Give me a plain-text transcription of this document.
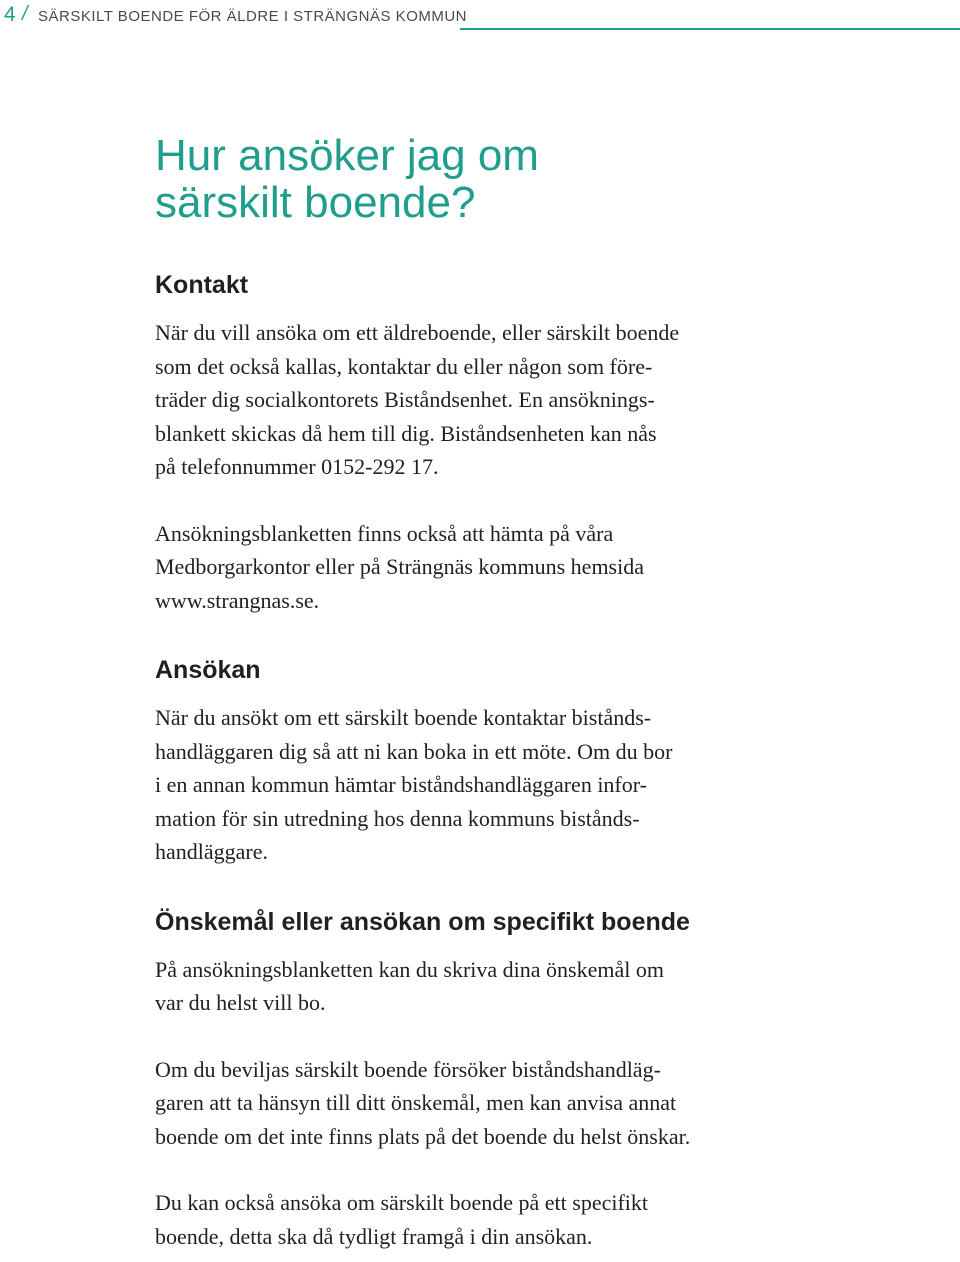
4 / SÄRSKILT BOENDE FÖR ÄLDRE I STRÄNGNÄS KOMMUN
Hur ansöker jag om
särskilt boende?
Kontakt

När du vill ansöka om ett äldreboende, eller särskilt boende
som det också kallas, kontaktar du eller någon som före-
träder dig socialkontorets Biståndsenhet. En ansöknings-
blankett skickas då hem till dig. Biståndsenheten kan nås
på telefonnummer 0152-292 17.

Ansökningsblanketten finns också att hämta på våra
Medborgarkontor eller på Strängnäs kommuns hemsida
www.strangnas.se.

Ansökan

När du ansökt om ett särskilt boende kontaktar bistånds-
handläggaren dig så att ni kan boka in ett möte. Om du bor
i en annan kommun hämtar biståndshandläggaren infor-
mation för sin utredning hos denna kommuns bistånds-
handläggare.

Önskemål eller ansökan om specifikt boende

På ansökningsblanketten kan du skriva dina önskemål om
var du helst vill bo.

Om du beviljas särskilt boende försöker biståndshandläg-
garen att ta hänsyn till ditt önskemål, men kan anvisa annat
boende om det inte finns plats på det boende du helst önskar.

Du kan också ansöka om särskilt boende på ett specifikt
boende, detta ska då tydligt framgå i din ansökan.
